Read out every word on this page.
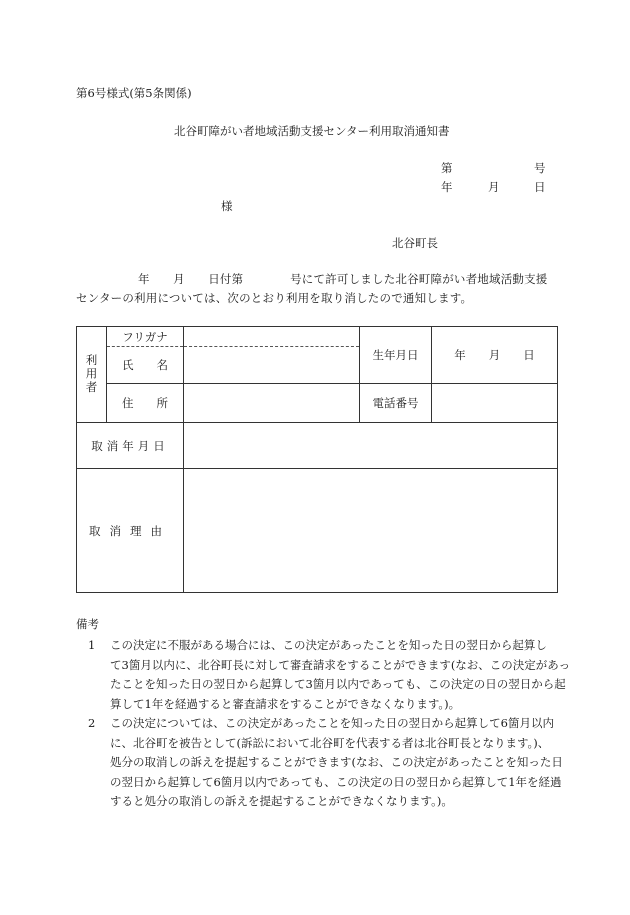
第6号様式(第5条関係)
北谷町障がい者地域活動支援センター利用取消通知書
第	号
年	月	日
様
北谷町長
年　　月　　日付第　　　　号にて許可しました北谷町障がい者地域活動支援
センターの利用については、次のとおり利用を取り消したので通知します。
利用者	フリガナ		生年月日	年　　月　　日
	氏　　名			
	住　　所		電話番号	
取消年月日				
取消理由				
備考
1 この決定に不服がある場合には、この決定があったことを知った日の翌日から起算し
て3箇月以内に、北谷町長に対して審査請求をすることができます(なお、この決定があっ
たことを知った日の翌日から起算して3箇月以内であっても、この決定の日の翌日から起
算して1年を経過すると審査請求をすることができなくなります。)。
2 この決定については、この決定があったことを知った日の翌日から起算して6箇月以内
に、北谷町を被告として(訴訟において北谷町を代表する者は北谷町長となります。)、
処分の取消しの訴えを提起することができます(なお、この決定があったことを知った日
の翌日から起算して6箇月以内であっても、この決定の日の翌日から起算して1年を経過
すると処分の取消しの訴えを提起することができなくなります。)。
